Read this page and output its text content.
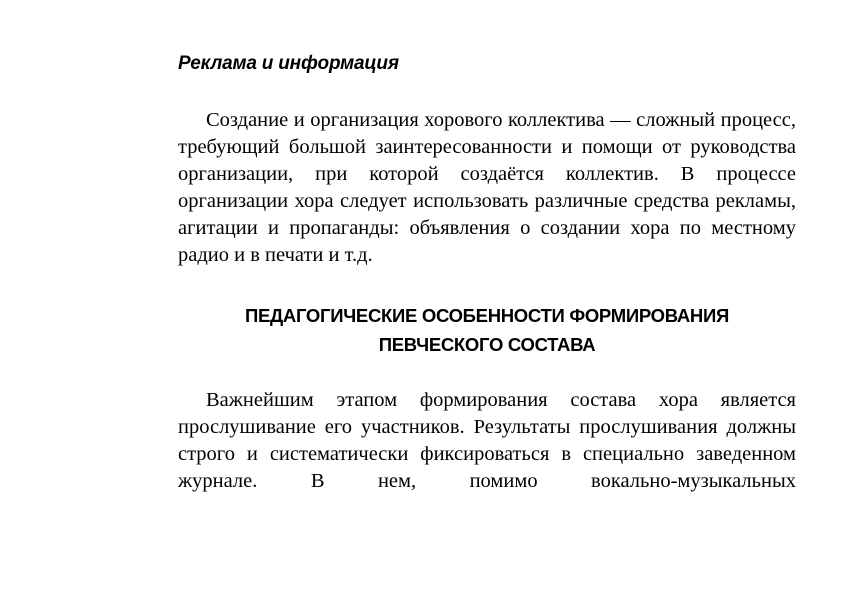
Реклама и информация

Создание и организация хорового коллектива — сложный процесс, требующий большой заинтересованности и помощи от руководства организации, при которой создаётся коллектив. В процессе организации хора следует использовать различные средства рекламы, агитации и пропаганды: объявления о создании хора по местному радио и в печати и т.д.

ПЕДАГОГИЧЕСКИЕ ОСОБЕННОСТИ ФОРМИРОВАНИЯ
ПЕВЧЕСКОГО СОСТАВА

Важнейшим этапом формирования состава хора является прослушивание его участников. Результаты прослушивания должны строго и систематически фиксироваться в специально заведенном журнале. В нем, помимо вокально-музыкальных
